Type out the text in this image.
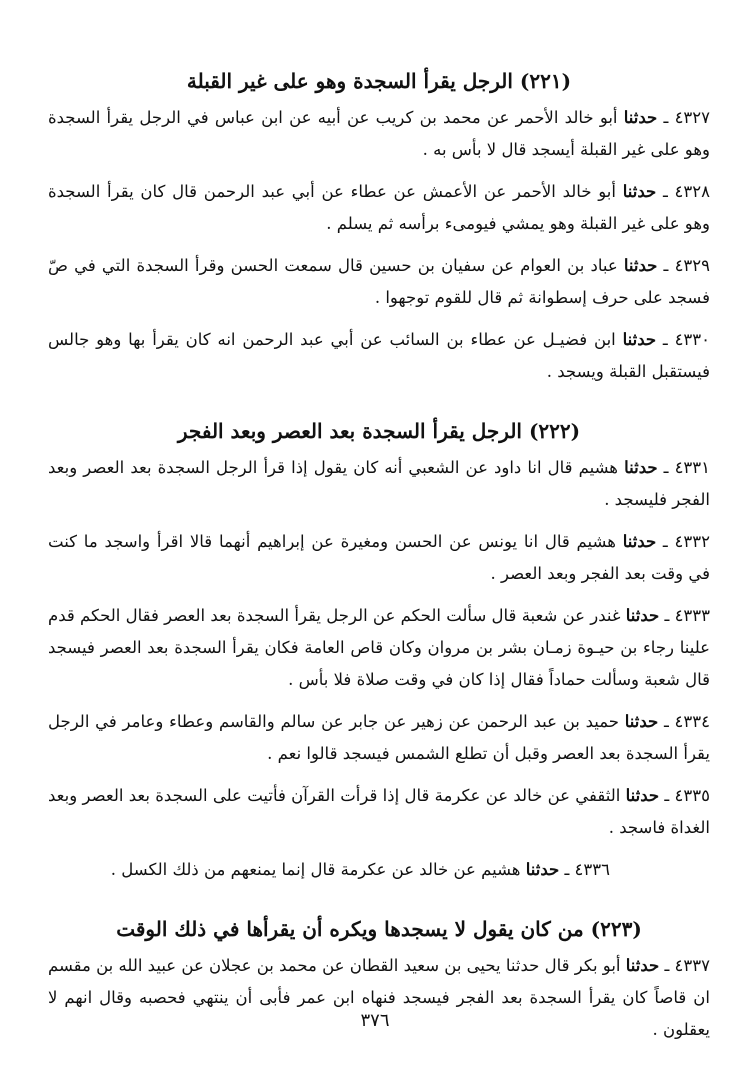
(٢٢١) الرجل يقرأ السجدة وهو على غير القبلة

٤٣٢٧ ـ حدثنا أبو خالد الأحمر عن محمد بن كريب عن أبيه عن ابن عباس في الرجل يقرأ السجدة وهو على غير القبلة أيسجد قال لا بأس به .

٤٣٢٨ ـ حدثنا أبو خالد الأحمر عن الأعمش عن عطاء عن أبي عبد الرحمن قال كان يقرأ السجدة وهو على غير القبلة وهو يمشي فيومىء برأسه ثم يسلم .

٤٣٢٩ ـ حدثنا عباد بن العوام عن سفيان بن حسين قال سمعت الحسن وقرأ السجدة التي في صّ فسجد على حرف إسطوانة ثم قال للقوم توجهوا .

٤٣٣٠ ـ حدثنا ابن فضيـل عن عطاء بن السائب عن أبي عبد الرحمن انه كان يقرأ بها وهو جالس فيستقبل القبلة ويسجد .

(٢٢٢) الرجل يقرأ السجدة بعد العصر وبعد الفجر

٤٣٣١ ـ حدثنا هشيم قال انا داود عن الشعبي أنه كان يقول إذا قرأ الرجل السجدة بعد العصر وبعد الفجر فليسجد .

٤٣٣٢ ـ حدثنا هشيم قال انا يونس عن الحسن ومغيرة عن إبراهيم أنهما قالا اقرأ واسجد ما كنت في وقت بعد الفجر وبعد العصر .

٤٣٣٣ ـ حدثنا غندر عن شعبة قال سألت الحكم عن الرجل يقرأ السجدة بعد العصر فقال الحكم قدم علينا رجاء بن حيـوة زمـان بشر بن مروان وكان قاص العامة فكان يقرأ السجدة بعد العصر فيسجد قال شعبة وسألت حماداً فقال إذا كان في وقت صلاة فلا بأس .

٤٣٣٤ ـ حدثنا حميد بن عبد الرحمن عن زهير عن جابر عن سالم والقاسم وعطاء وعامر في الرجل يقرأ السجدة بعد العصر وقبل أن تطلع الشمس فيسجد قالوا نعم .

٤٣٣٥ ـ حدثنا الثقفي عن خالد عن عكرمة قال إذا قرأت القرآن فأتيت على السجدة بعد العصر وبعد الغداة فاسجد .

٤٣٣٦ ـ حدثنا هشيم عن خالد عن عكرمة قال إنما يمنعهم من ذلك الكسل .

(٢٢٣) من كان يقول لا يسجدها ويكره أن يقرأها في ذلك الوقت

٤٣٣٧ ـ حدثنا أبو بكر قال حدثنا يحيى بن سعيد القطان عن محمد بن عجلان عن عبيد الله بن مقسم ان قاصاً كان يقرأ السجدة بعد الفجر فيسجد فنهاه ابن عمر فأبى أن ينتهي فحصبه وقال انهم لا يعقلون .

٣٧٦
